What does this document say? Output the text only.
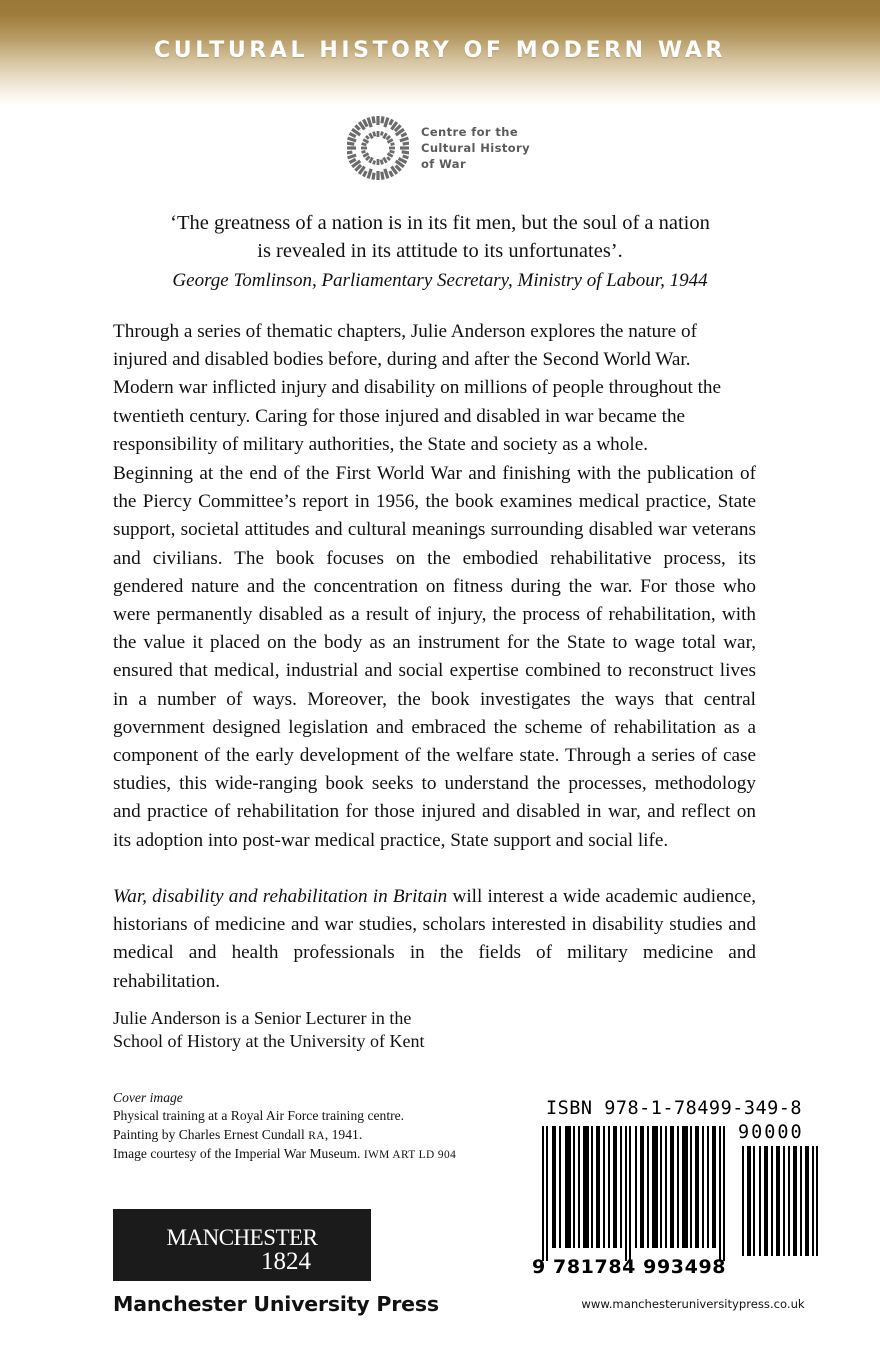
CULTURAL HISTORY OF MODERN WAR
Centre for the
Cultural History
of War
‘The greatness of a nation is in its fit men, but the soul of a nation
is revealed in its attitude to its unfortunates’.
George Tomlinson, Parliamentary Secretary, Ministry of Labour, 1944

Through a series of thematic chapters, Julie Anderson explores the nature of injured and disabled bodies before, during and after the Second World War. Modern war inflicted injury and disability on millions of people throughout the twentieth century. Caring for those injured and disabled in war became the responsibility of military authorities, the State and society as a whole.

Beginning at the end of the First World War and finishing with the publication of the Piercy Committee’s report in 1956, the book examines medical practice, State support, societal attitudes and cultural meanings surrounding disabled war veterans and civilians. The book focuses on the embodied rehabilitative process, its gendered nature and the concentration on fitness during the war. For those who were permanently disabled as a result of injury, the process of rehabilitation, with the value it placed on the body as an instrument for the State to wage total war, ensured that medical, industrial and social expertise combined to reconstruct lives in a number of ways. Moreover, the book investigates the ways that central government designed legislation and embraced the scheme of rehabilitation as a component of the early development of the welfare state. Through a series of case studies, this wide-ranging book seeks to understand the processes, methodology and practice of rehabilitation for those injured and disabled in war, and reflect on its adoption into post-war medical practice, State support and social life.

War, disability and rehabilitation in Britain will interest a wide academic audience, historians of medicine and war studies, scholars interested in disability studies and medical and health professionals in the fields of military medicine and rehabilitation.

Julie Anderson is a Senior Lecturer in the
School of History at the University of Kent
Cover image
Physical training at a Royal Air Force training centre.
Painting by Charles Ernest Cundall RA, 1941.
Image courtesy of the Imperial War Museum. IWM ART LD 904
ISBN 978-1-78499-349-8
90000
9 781784 993498
manchester
1824
Manchester University Press	www.manchesteruniversitypress.co.uk
